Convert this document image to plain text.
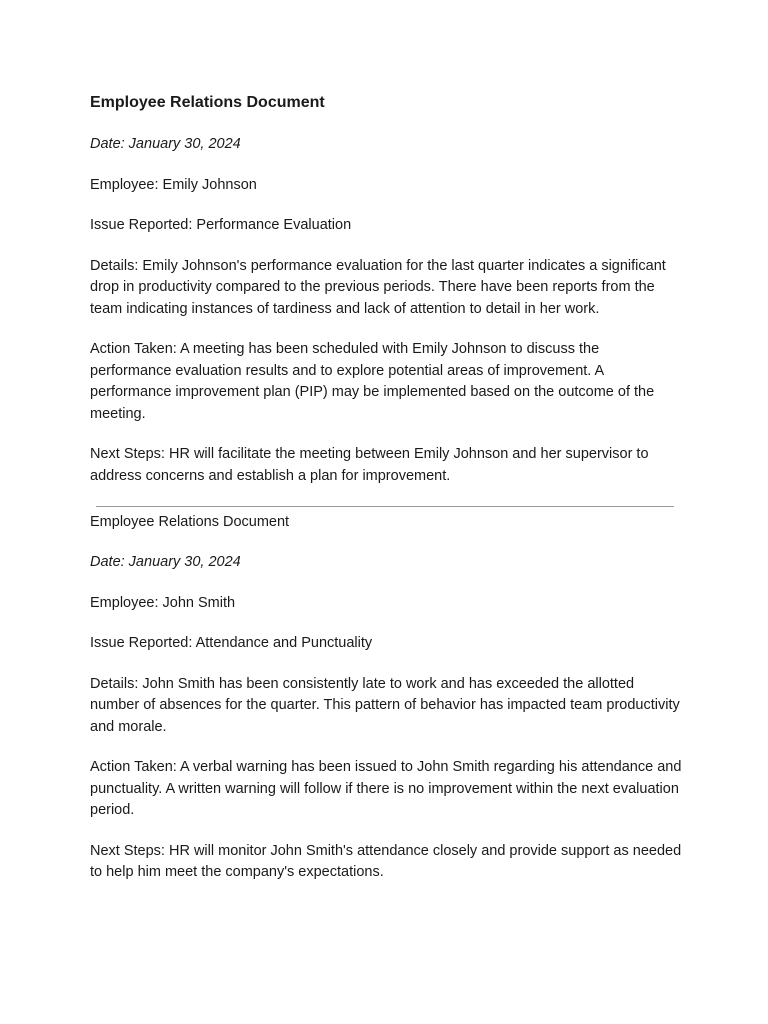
Employee Relations Document

Date: January 30, 2024

Employee: Emily Johnson

Issue Reported: Performance Evaluation

Details: Emily Johnson's performance evaluation for the last quarter indicates a significant drop in productivity compared to the previous periods. There have been reports from the team indicating instances of tardiness and lack of attention to detail in her work.

Action Taken: A meeting has been scheduled with Emily Johnson to discuss the performance evaluation results and to explore potential areas of improvement. A performance improvement plan (PIP) may be implemented based on the outcome of the meeting.

Next Steps: HR will facilitate the meeting between Emily Johnson and her supervisor to address concerns and establish a plan for improvement.

Employee Relations Document

Date: January 30, 2024

Employee: John Smith

Issue Reported: Attendance and Punctuality

Details: John Smith has been consistently late to work and has exceeded the allotted number of absences for the quarter. This pattern of behavior has impacted team productivity and morale.

Action Taken: A verbal warning has been issued to John Smith regarding his attendance and punctuality. A written warning will follow if there is no improvement within the next evaluation period.

Next Steps: HR will monitor John Smith's attendance closely and provide support as needed to help him meet the company's expectations.
